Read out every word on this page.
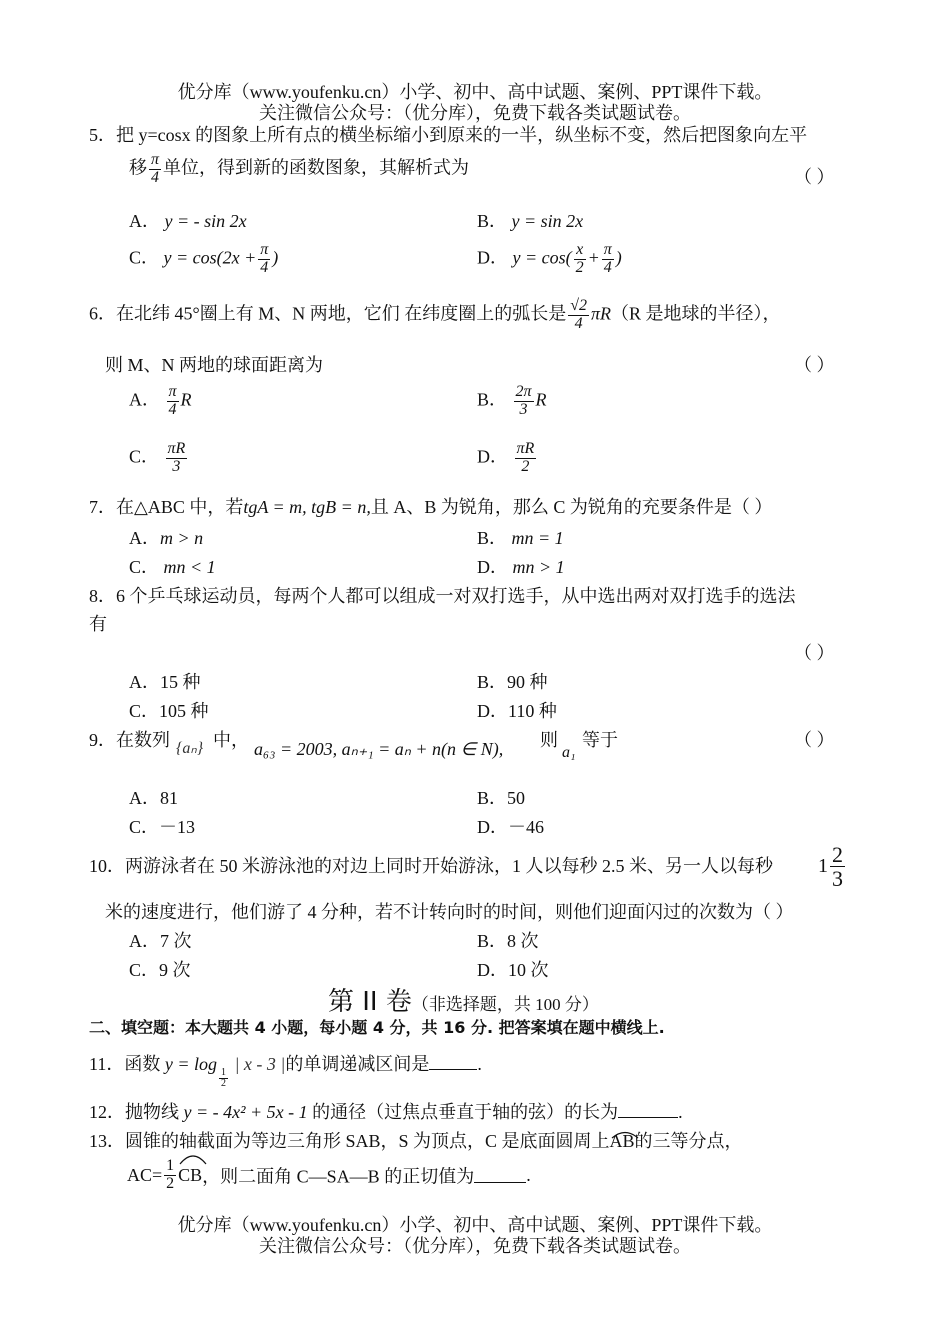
优分库（www.youfenku.cn）小学、初中、高中试题、案例、PPT课件下载。
关注微信公众号：（优分库），免费下载各类试题试卷。
5．把 y=cosx 的图象上所有点的横坐标缩小到原来的一半，纵坐标不变，然后把图象向左平
移 $\frac{\pi}{4}$ 单位，得到新的函数图象，其解析式为	（ ）
A． y = - sin 2x	B． y = sin 2x
C． $y = \cos(2x + \frac{\pi}{4}$ )	D． $y = \cos( \frac{x}{2} + \frac{\pi}{4}$ )
6．在北纬 45°圈上有 M、N 两地，它们 在纬度圈上的弧长是 $\frac{√2}{4} \pi R(R$ 是地球的半径），
则 M、N 两地的球面距离为	（ ）
A． $\frac{\pi}{4}$ R	B． $\frac{2\pi}{3}$ R
C． $\frac{\pi R}{3}$	D． $\frac{\pi R}{2}$
7．在△ABC 中，若tgA = m, tgB = n,且 A、B 为锐角，那么 C 为锐角的充要条件是（ ）
A．m > n	B． mn = 1
C． mn < 1	D． mn > 1
8．6 个乒乓球运动员，每两个人都可以组成一对双打选手，从中选出两对双打选手的选法
有
（ ）
A．15 种	B．90 种
C．105 种	D．110 种
9．在数列 {aₙ} 中， a₆₃ = 2003, aₙ₊₁ = aₙ + n(n ∈ N), 则
a₁
等于	（ ）
A．81	B．50
C．－13	D．－46
10．两游泳者在 50 米游泳池的对边上同时开始游泳，1 人以每秒 2.5 米、另一人以每秒 $1 \frac{2}{3}$
米的速度进行，他们游了 4 分种，若不计转向时的时间，则他们迎面闪过的次数为（ ）
A．7 次	B．8 次
C．9 次	D．10 次
第 II 卷（非选择题，共 100 分）
二、填空题：本大题共 4 小题，每小题 4 分，共 16 分. 把答案填在题中横线上.
11．函数 y = log
$\frac{1}{2}$
| x - 3 |的单调递减区间是	.
12．抛物线 y = - 4x² + 5x - 1 的通径（过焦点垂直于轴的弦）的长为	.
13．圆锥的轴截面为等边三角形 SAB，S 为顶点，C 是底面圆周上
AB的三等分点，
$AC= \frac{1}{2}$ CB，则二面角 C—SA—B 的正切值为	.
优分库（www.youfenku.cn）小学、初中、高中试题、案例、PPT课件下载。
关注微信公众号：（优分库），免费下载各类试题试卷。
